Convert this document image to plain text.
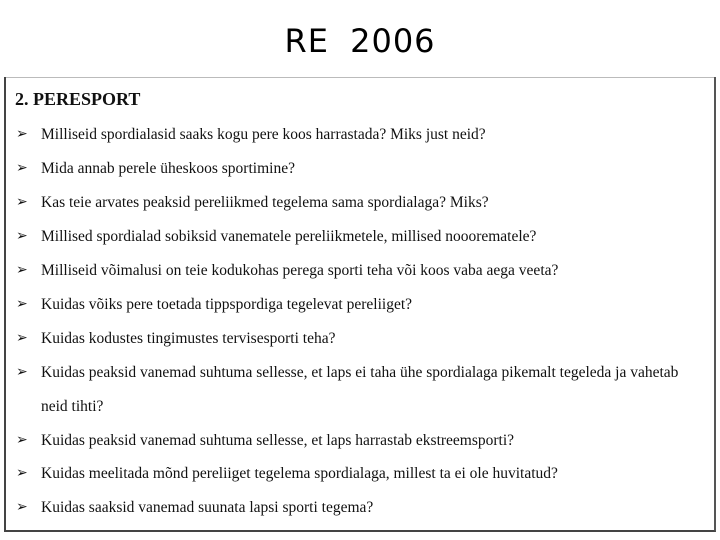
RE 2006
2. PERESPORT
➢ Milliseid spordialasid saaks kogu pere koos harrastada? Miks just neid?
➢ Mida annab perele üheskoos sportimine?
➢ Kas teie arvates peaksid pereliikmed tegelema sama spordialaga? Miks?
➢ Millised spordialad sobiksid vanematele pereliikmetele, millised nooorematele?
➢ Milliseid võimalusi on teie kodukohas perega sporti teha või koos vaba aega veeta?
➢ Kuidas võiks pere toetada tippspordiga tegelevat pereliiget?
➢ Kuidas kodustes tingimustes tervisesporti teha?
➢ Kuidas peaksid vanemad suhtuma sellesse, et laps ei taha ühe spordialaga pikemalt tegeleda ja vahetab neid tihti?
➢ Kuidas peaksid vanemad suhtuma sellesse, et laps harrastab ekstreemsporti?
➢ Kuidas meelitada mõnd pereliiget tegelema spordialaga, millest ta ei ole huvitatud?
➢ Kuidas saaksid vanemad suunata lapsi sporti tegema?
